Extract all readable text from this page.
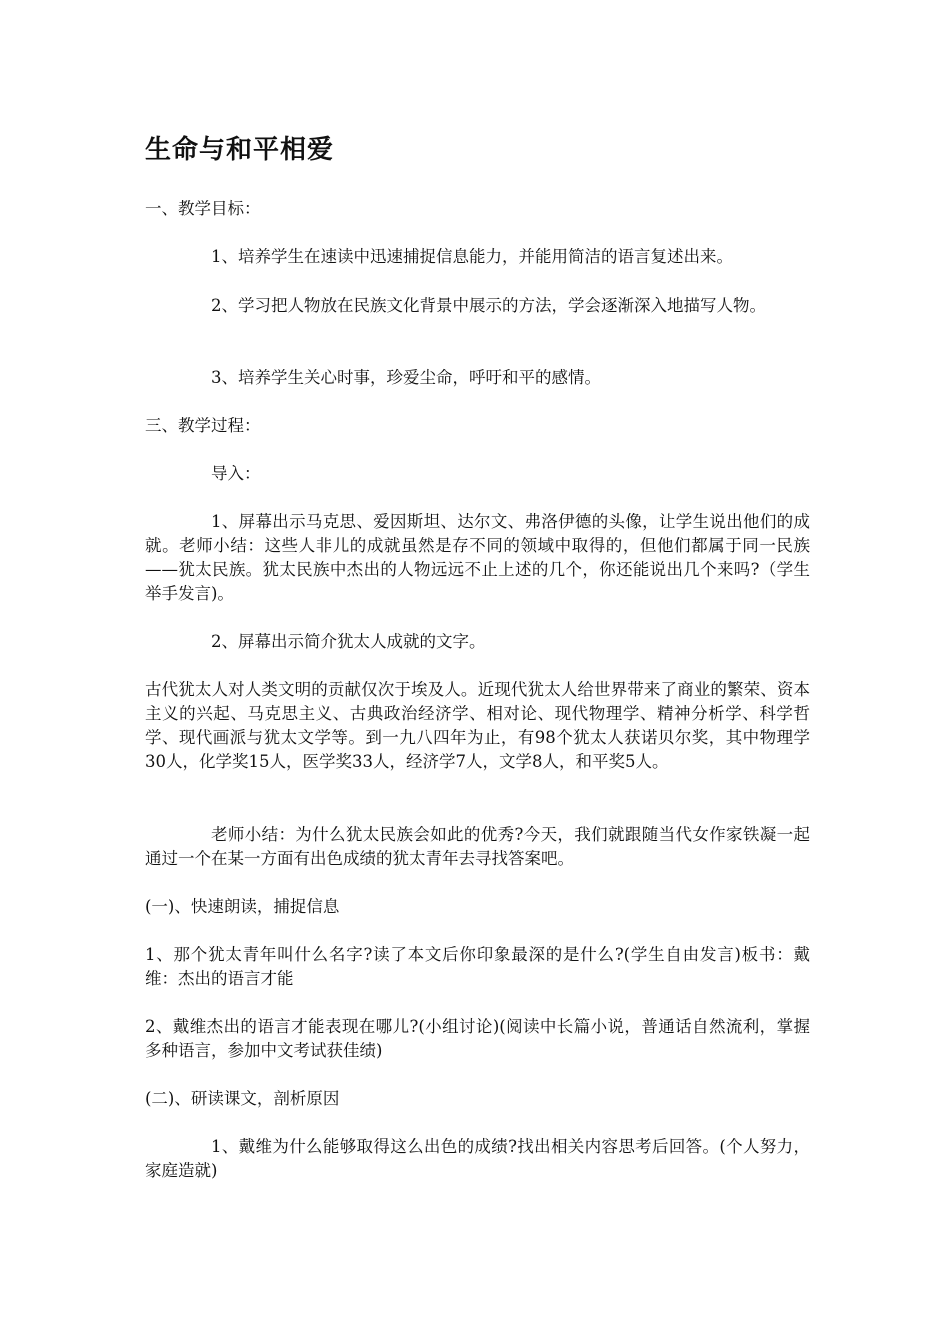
生命与和平相爱

一、教学目标：

1、培养学生在速读中迅速捕捉信息能力，并能用简洁的语言复述出来。

2、学习把人物放在民族文化背景中展示的方法，学会逐渐深入地描写人物。

3、培养学生关心时事，珍爱尘命，呼吁和平的感情。

三、教学过程：

导入：

1、屏幕出示马克思、爱因斯坦、达尔文、弗洛伊德的头像，让学生说出他们的成就。老师小结：这些人非儿的成就虽然是存不同的领域中取得的，但他们都属于同一民族——犹太民族。犹太民族中杰出的人物远远不止上述的几个，你还能说出几个来吗?（学生举手发言)。

2、屏幕出示简介犹太人成就的文字。

古代犹太人对人类文明的贡献仅次于埃及人。近现代犹太人给世界带来了商业的繁荣、资本主义的兴起、马克思主义、古典政治经济学、相对论、现代物理学、精神分析学、科学哲学、现代画派与犹太文学等。到一九八四年为止，有98个犹太人获诺贝尔奖，其中物理学30人，化学奖15人，医学奖33人，经济学7人，文学8人，和平奖5人。

老师小结：为什么犹太民族会如此的优秀?今天，我们就跟随当代女作家铁凝一起通过一个在某一方面有出色成绩的犹太青年去寻找答案吧。

(一)、快速朗读，捕捉信息

1、那个犹太青年叫什么名字?读了本文后你印象最深的是什么?(学生自由发言)板书：戴维：杰出的语言才能

2、戴维杰出的语言才能表现在哪儿?(小组讨论)(阅读中长篇小说，普通话自然流利，掌握多种语言，参加中文考试获佳绩)

(二)、研读课文，剖析原因

1、戴维为什么能够取得这么出色的成绩?找出相关内容思考后回答。(个人努力，家庭造就)
